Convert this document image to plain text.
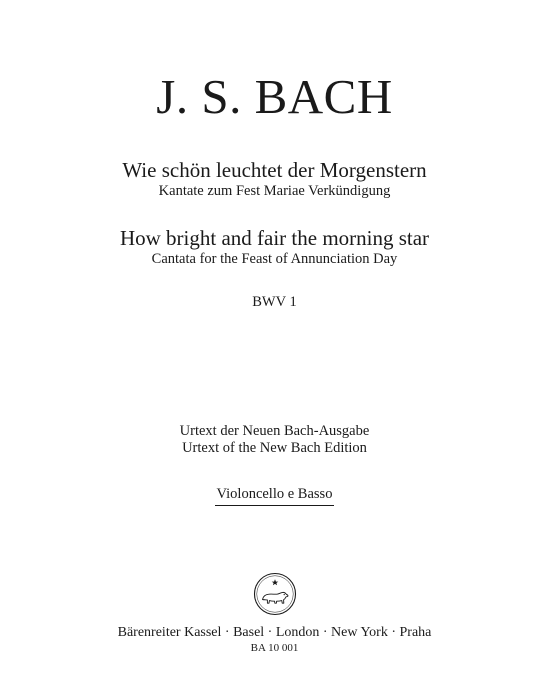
J. S. BACH
Wie schön leuchtet der Morgenstern
Kantate zum Fest Mariae Verkündigung
How bright and fair the morning star
Cantata for the Feast of Annunciation Day
BWV 1
Urtext der Neuen Bach-Ausgabe
Urtext of the New Bach Edition
Violoncello e Basso
Bärenreiter Kassel · Basel · London · New York · Praha
BA 10 001
